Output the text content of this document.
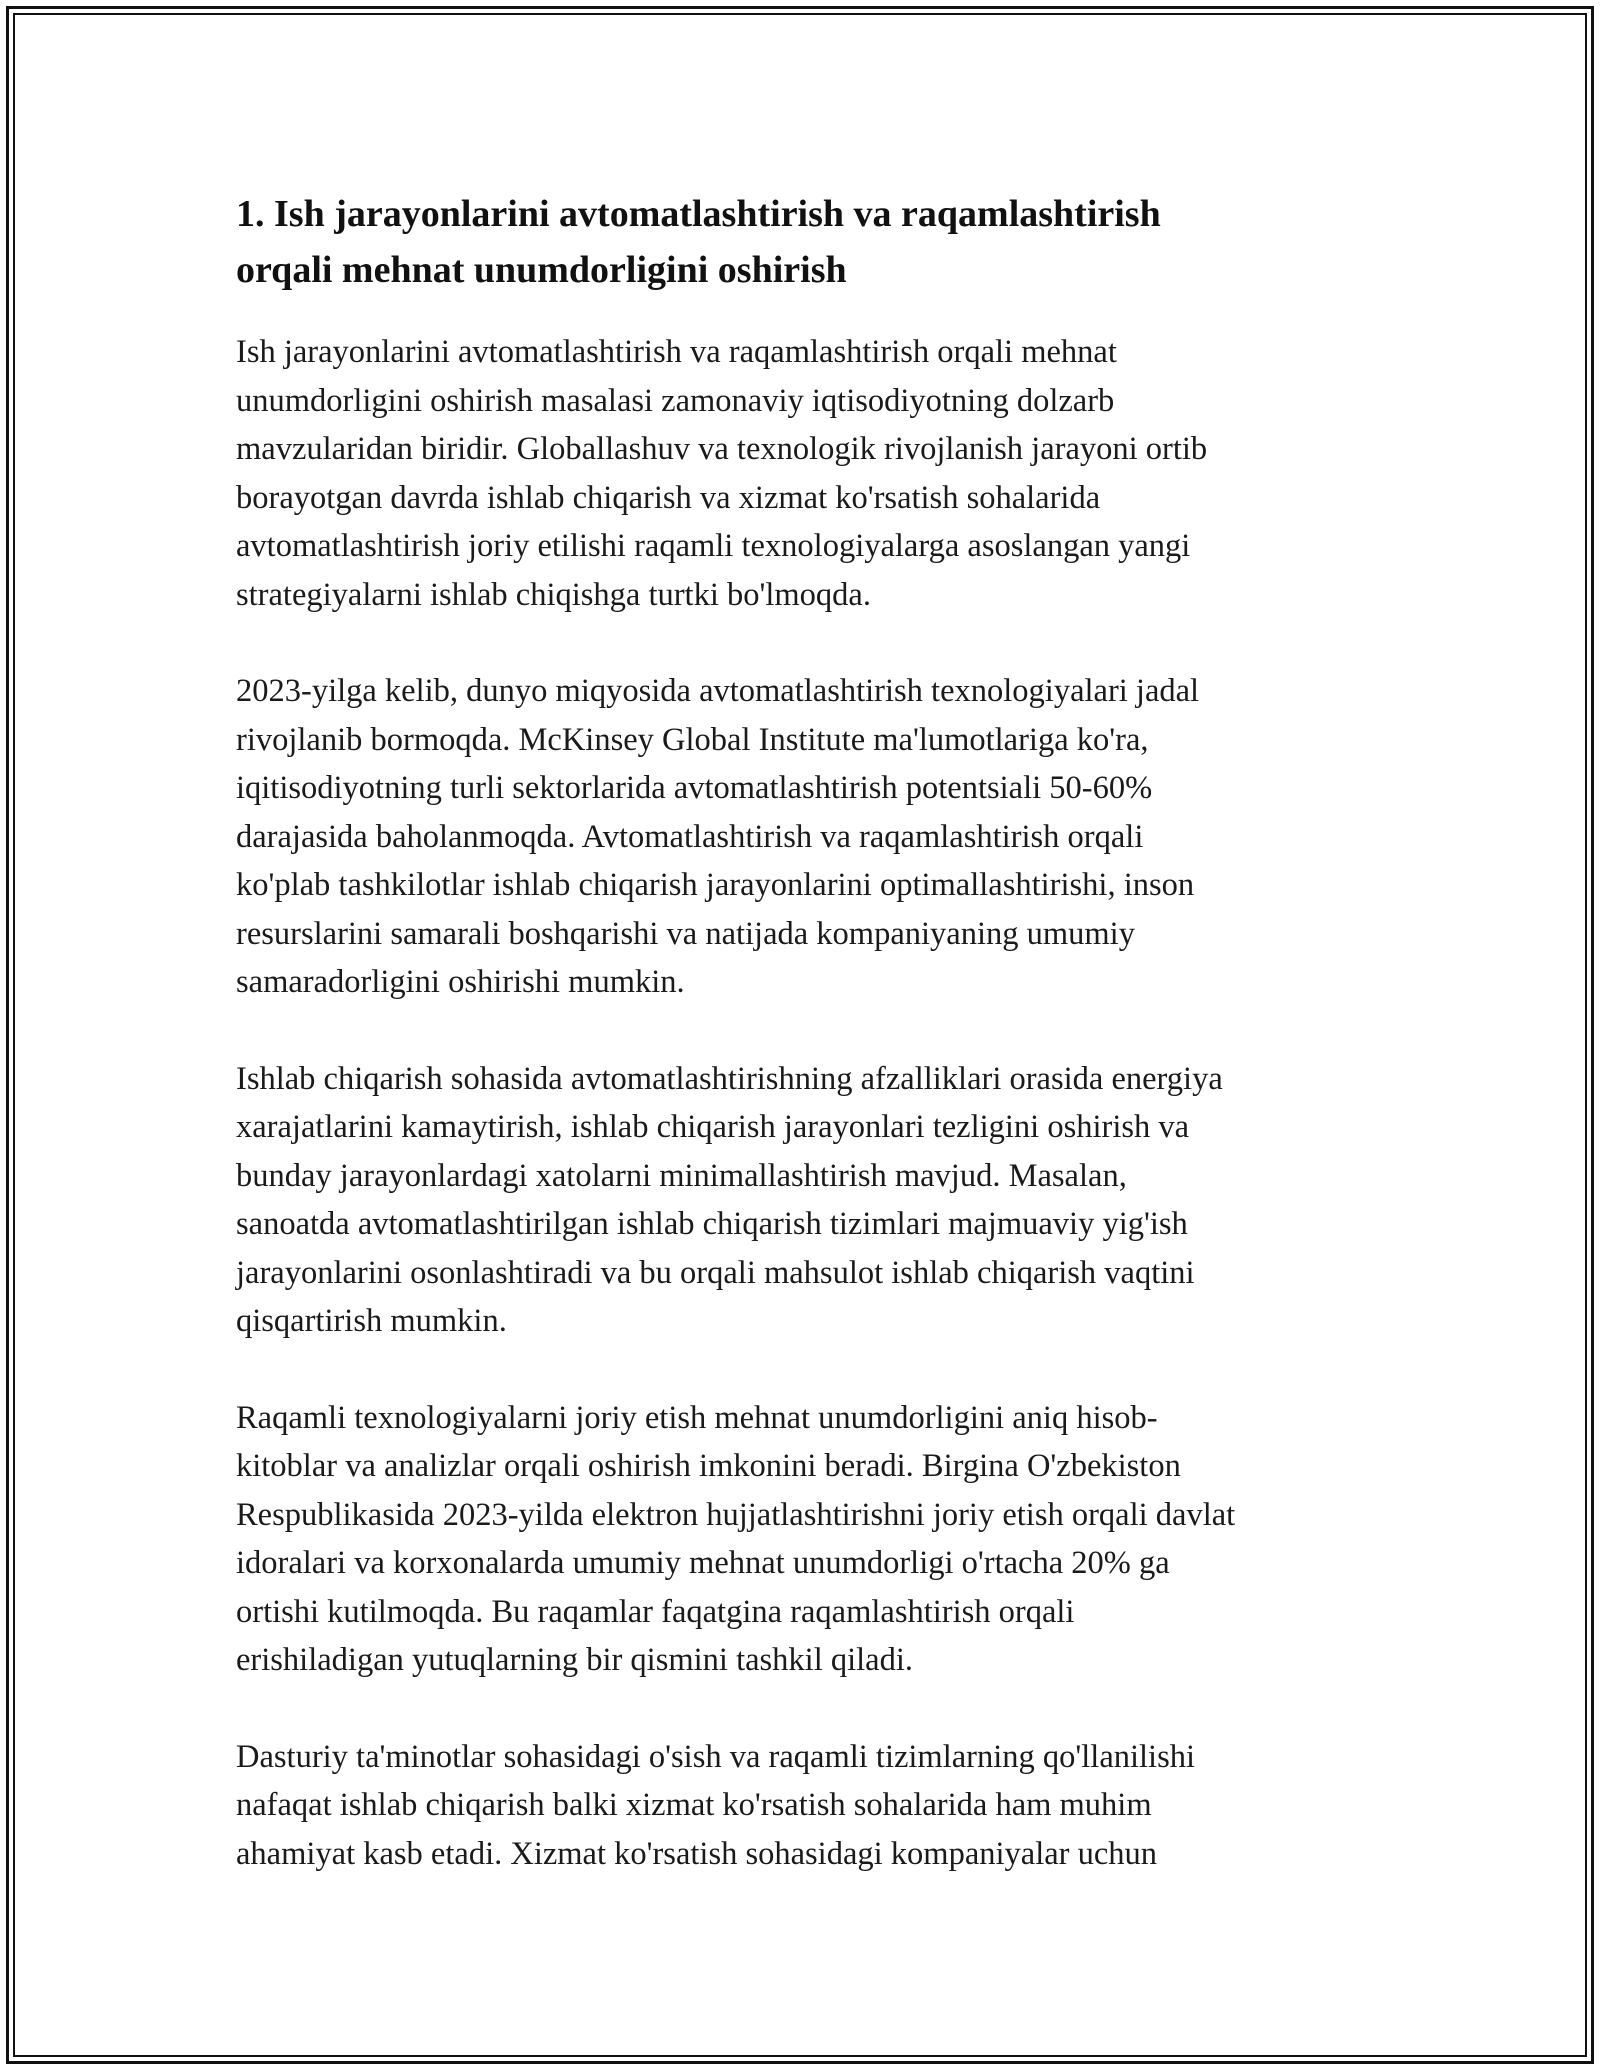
1. Ish jarayonlarini avtomatlashtirish va raqamlashtirish
orqali mehnat unumdorligini oshirish

Ish jarayonlarini avtomatlashtirish va raqamlashtirish orqali mehnat
unumdorligini oshirish masalasi zamonaviy iqtisodiyotning dolzarb
mavzularidan biridir. Globallashuv va texnologik rivojlanish jarayoni ortib
borayotgan davrda ishlab chiqarish va xizmat ko'rsatish sohalarida
avtomatlashtirish joriy etilishi raqamli texnologiyalarga asoslangan yangi
strategiyalarni ishlab chiqishga turtki bo'lmoqda.

2023-yilga kelib, dunyo miqyosida avtomatlashtirish texnologiyalari jadal
rivojlanib bormoqda. McKinsey Global Institute ma'lumotlariga ko'ra,
iqitisodiyotning turli sektorlarida avtomatlashtirish potentsiali 50-60%
darajasida baholanmoqda. Avtomatlashtirish va raqamlashtirish orqali
ko'plab tashkilotlar ishlab chiqarish jarayonlarini optimallashtirishi, inson
resurslarini samarali boshqarishi va natijada kompaniyaning umumiy
samaradorligini oshirishi mumkin.

Ishlab chiqarish sohasida avtomatlashtirishning afzalliklari orasida energiya
xarajatlarini kamaytirish, ishlab chiqarish jarayonlari tezligini oshirish va
bunday jarayonlardagi xatolarni minimallashtirish mavjud. Masalan,
sanoatda avtomatlashtirilgan ishlab chiqarish tizimlari majmuaviy yig'ish
jarayonlarini osonlashtiradi va bu orqali mahsulot ishlab chiqarish vaqtini
qisqartirish mumkin.

Raqamli texnologiyalarni joriy etish mehnat unumdorligini aniq hisob-
kitoblar va analizlar orqali oshirish imkonini beradi. Birgina O'zbekiston
Respublikasida 2023-yilda elektron hujjatlashtirishni joriy etish orqali davlat
idoralari va korxonalarda umumiy mehnat unumdorligi o'rtacha 20% ga
ortishi kutilmoqda. Bu raqamlar faqatgina raqamlashtirish orqali
erishiladigan yutuqlarning bir qismini tashkil qiladi.

Dasturiy ta'minotlar sohasidagi o'sish va raqamli tizimlarning qo'llanilishi
nafaqat ishlab chiqarish balki xizmat ko'rsatish sohalarida ham muhim
ahamiyat kasb etadi. Xizmat ko'rsatish sohasidagi kompaniyalar uchun
